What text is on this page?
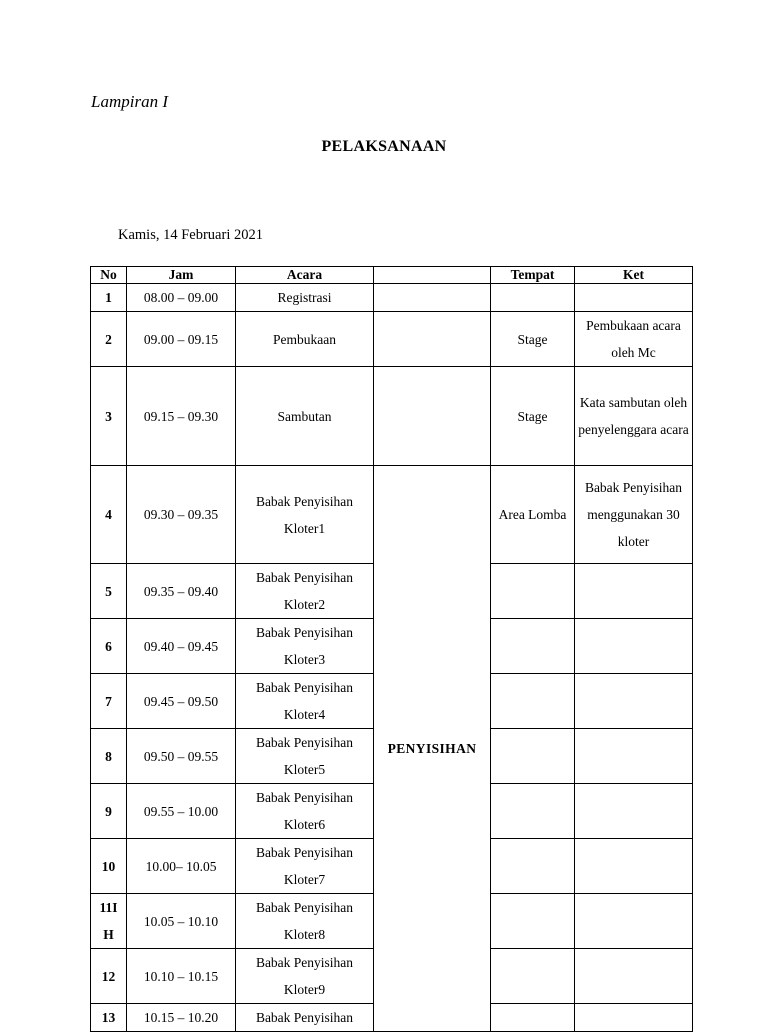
Lampiran I
PELAKSANAAN
Kamis, 14 Februari 2021
No	Jam	Acara		Tempat	Ket
1	08.00 – 09.00	Registrasi			
2	09.00 – 09.15	Pembukaan		Stage	Pembukaan acara oleh Mc
3	09.15 – 09.30	Sambutan		Stage	Kata sambutan oleh penyelenggara acara
4	09.30 – 09.35	Babak Penyisihan Kloter1	PENYISIHAN	Area Lomba	Babak Penyisihan menggunakan 30 kloter
5	09.35 – 09.40	Babak Penyisihan Kloter2			
6	09.40 – 09.45	Babak Penyisihan Kloter3			
7	09.45 – 09.50	Babak Penyisihan Kloter4			
8	09.50 – 09.55	Babak Penyisihan Kloter5			
9	09.55 – 10.00	Babak Penyisihan Kloter6			
10	10.00– 10.05	Babak Penyisihan Kloter7			
11I H	10.05 – 10.10	Babak Penyisihan Kloter8			
12	10.10 – 10.15	Babak Penyisihan Kloter9			
13	10.15 – 10.20	Babak Penyisihan			
